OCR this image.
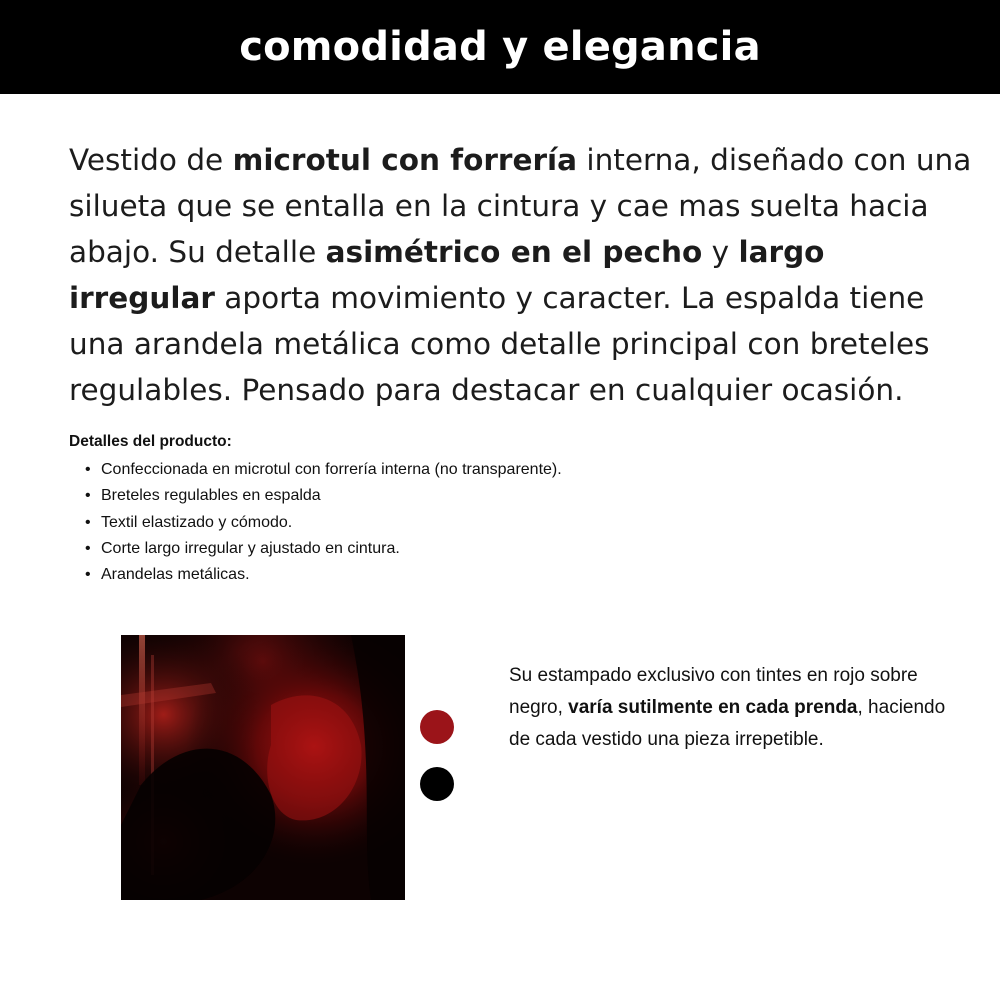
comodidad y elegancia

Vestido de microtul con forrería interna, diseñado con una silueta que se entalla en la cintura y cae mas suelta hacia abajo. Su detalle asimétrico en el pecho y largo irregular aporta movimiento y caracter. La espalda tiene una arandela metálica como detalle principal con breteles regulables. Pensado para destacar en cualquier ocasión.

Detalles del producto:
• Confeccionada en microtul con forrería interna (no transparente).
• Breteles regulables en espalda
• Textil elastizado y cómodo.
• Corte largo irregular y ajustado en cintura.
• Arandelas metálicas.

Su estampado exclusivo con tintes en rojo sobre negro, varía sutilmente en cada prenda, haciendo de cada vestido una pieza irrepetible.
